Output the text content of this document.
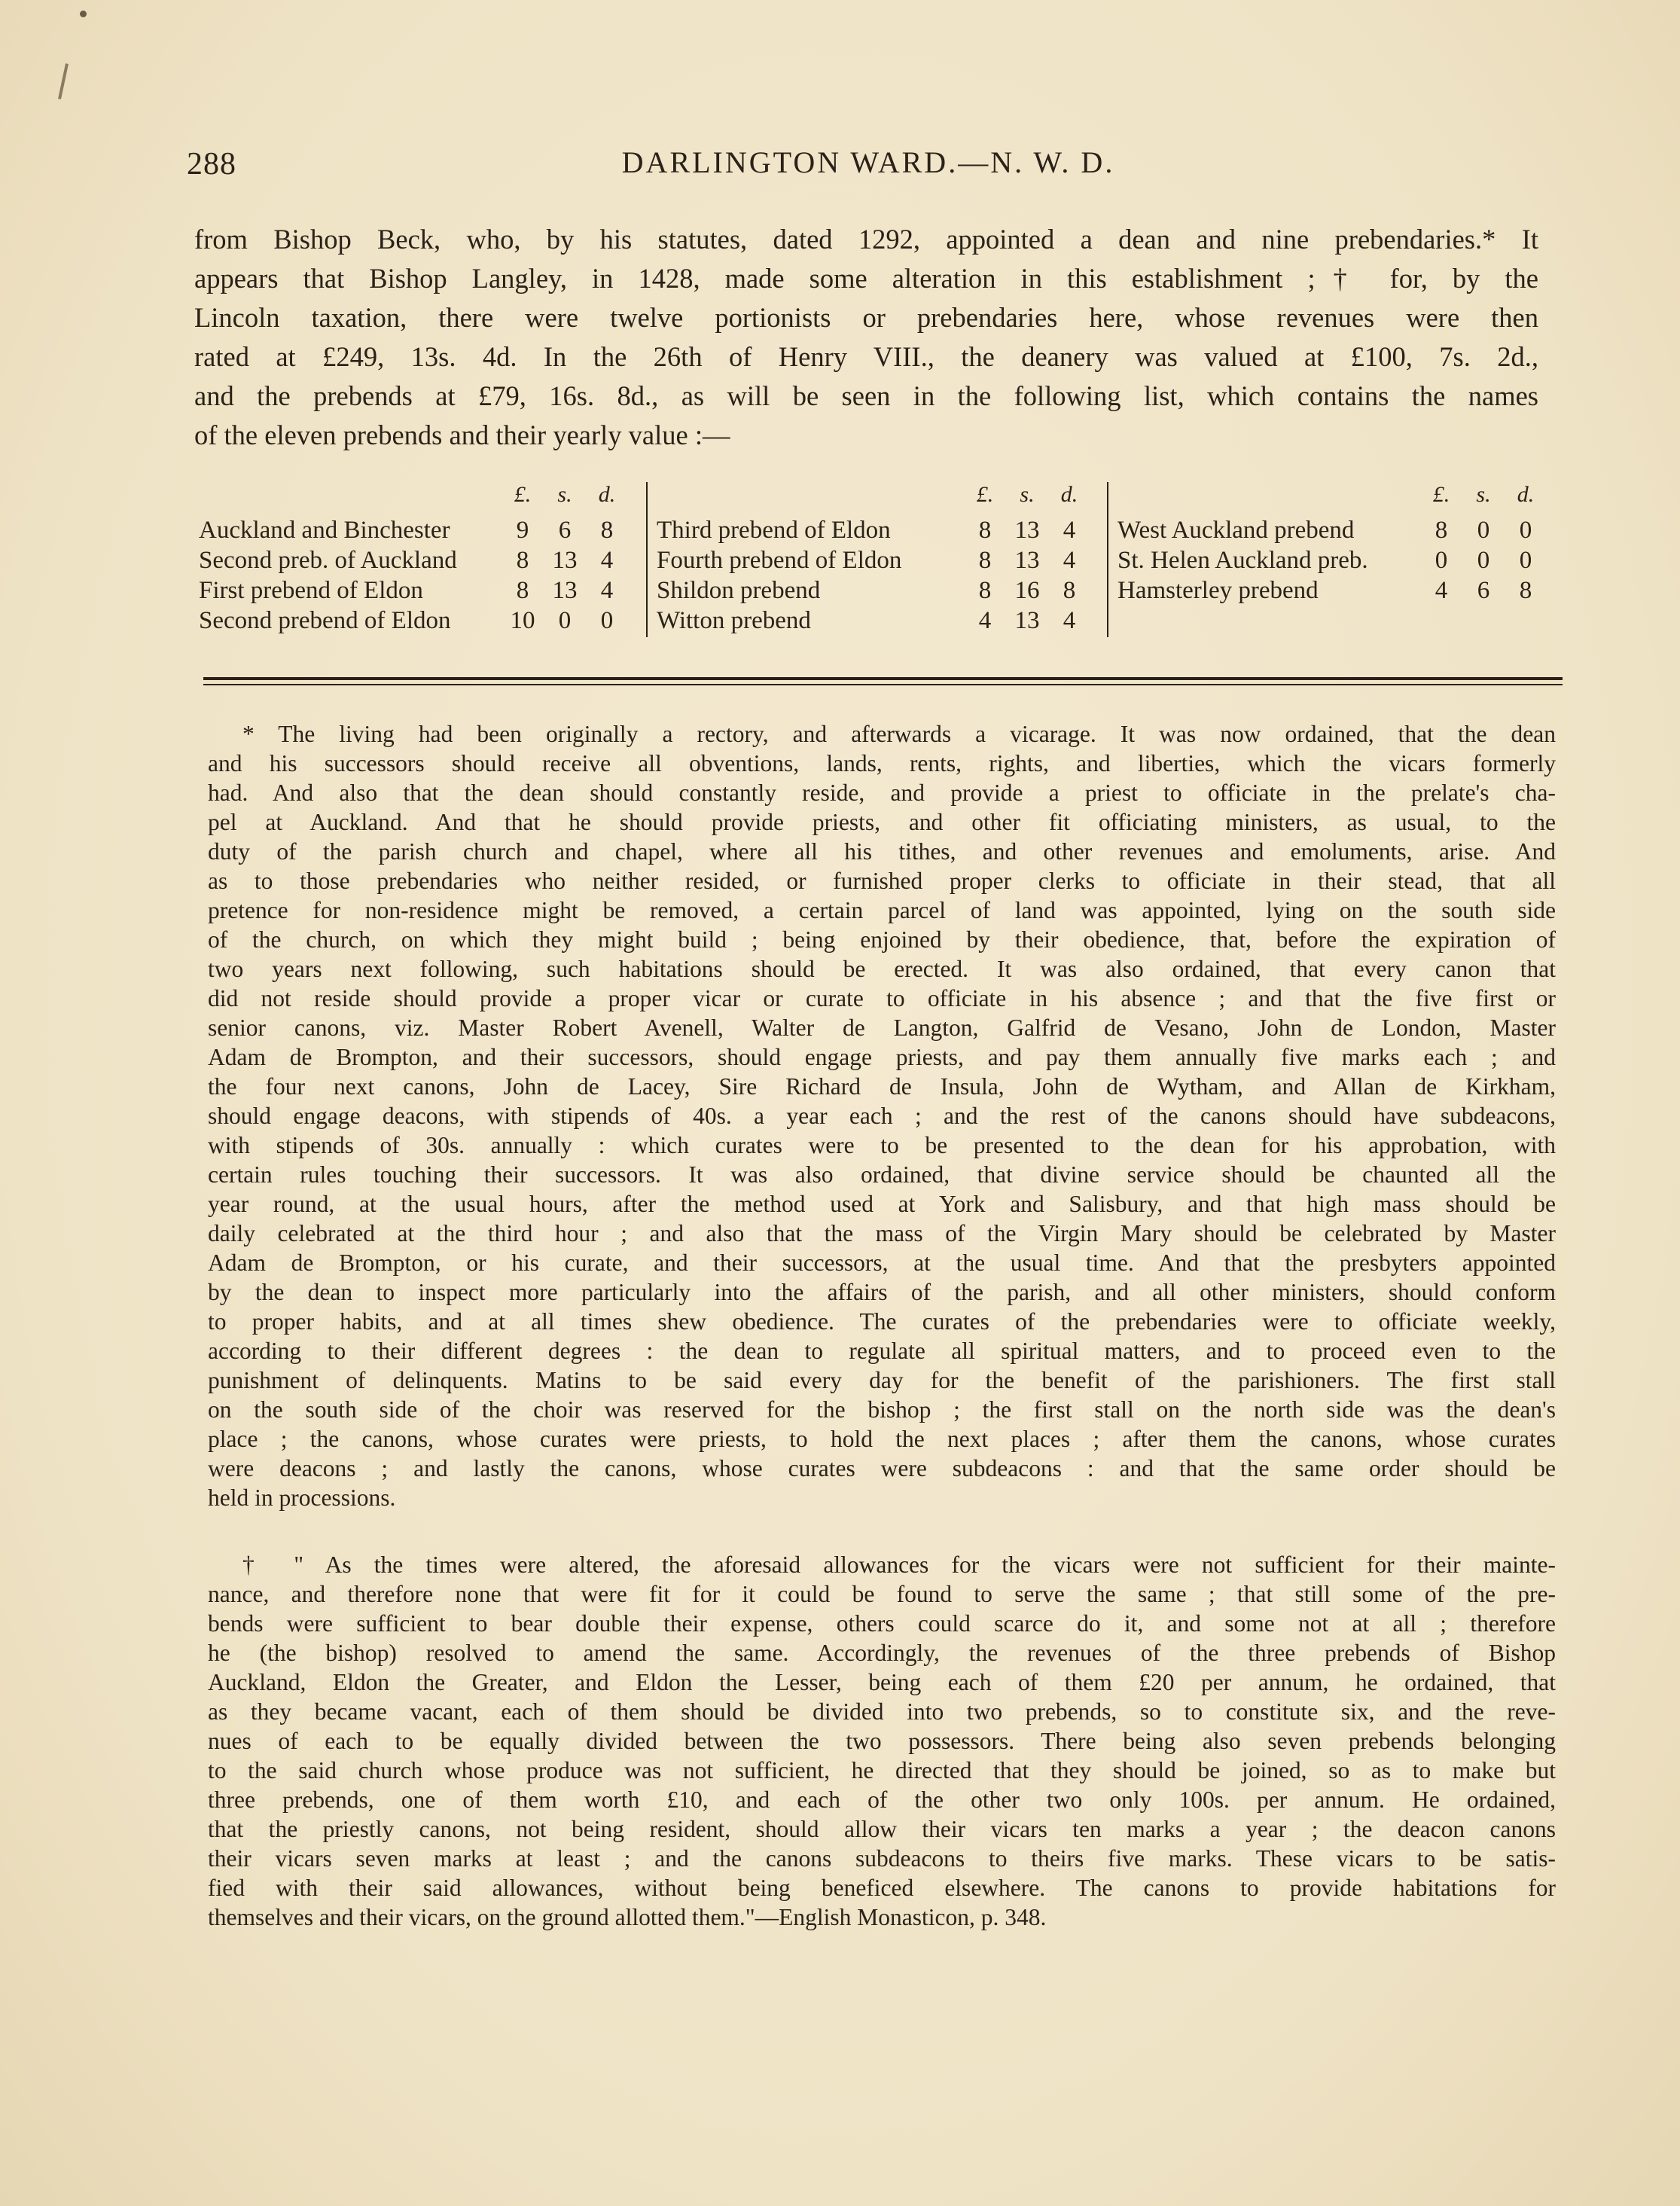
288	DARLINGTON WARD.—N. W. D.
from Bishop Beck, who, by his statutes, dated 1292, appointed a dean and nine prebendaries.* It
appears that Bishop Langley, in 1428, made some alteration in this establishment ;† for, by the
Lincoln taxation, there were twelve portionists or prebendaries here, whose revenues were then
rated at £249, 13s. 4d. In the 26th of Henry VIII., the deanery was valued at £100, 7s. 2d.,
and the prebends at £79, 16s. 8d., as will be seen in the following list, which contains the names
of the eleven prebends and their yearly value :—
£. s. d.
Auckland and Binchester	9 6 8
Second preb. of Auckland	8 13 4
First prebend of Eldon	8 13 4
Second prebend of Eldon	10 0 0
£. s. d.
Third prebend of Eldon	8 13 4
Fourth prebend of Eldon	8 13 4
Shildon prebend	8 16 8
Witton prebend	4 13 4
£. s. d.
West Auckland prebend	8 0 0
St. Helen Auckland preb.	0 0 0
Hamsterley prebend	4 6 8
* The living had been originally a rectory, and afterwards a vicarage. It was now ordained, that the dean
and his successors should receive all obventions, lands, rents, rights, and liberties, which the vicars formerly
had. And also that the dean should constantly reside, and provide a priest to officiate in the prelate's cha-
pel at Auckland. And that he should provide priests, and other fit officiating ministers, as usual, to the
duty of the parish church and chapel, where all his tithes, and other revenues and emoluments, arise. And
as to those prebendaries who neither resided, or furnished proper clerks to officiate in their stead, that all
pretence for non-residence might be removed, a certain parcel of land was appointed, lying on the south side
of the church, on which they might build ; being enjoined by their obedience, that, before the expiration of
two years next following, such habitations should be erected. It was also ordained, that every canon that
did not reside should provide a proper vicar or curate to officiate in his absence ; and that the five first or
senior canons, viz. Master Robert Avenell, Walter de Langton, Galfrid de Vesano, John de London, Master
Adam de Brompton, and their successors, should engage priests, and pay them annually five marks each ; and
the four next canons, John de Lacey, Sire Richard de Insula, John de Wytham, and Allan de Kirkham,
should engage deacons, with stipends of 40s. a year each ; and the rest of the canons should have subdeacons,
with stipends of 30s. annually : which curates were to be presented to the dean for his approbation, with
certain rules touching their successors. It was also ordained, that divine service should be chaunted all the
year round, at the usual hours, after the method used at York and Salisbury, and that high mass should be
daily celebrated at the third hour ; and also that the mass of the Virgin Mary should be celebrated by Master
Adam de Brompton, or his curate, and their successors, at the usual time. And that the presbyters appointed
by the dean to inspect more particularly into the affairs of the parish, and all other ministers, should conform
to proper habits, and at all times shew obedience. The curates of the prebendaries were to officiate weekly,
according to their different degrees : the dean to regulate all spiritual matters, and to proceed even to the
punishment of delinquents. Matins to be said every day for the benefit of the parishioners. The first stall
on the south side of the choir was reserved for the bishop ; the first stall on the north side was the dean's
place ; the canons, whose curates were priests, to hold the next places ; after them the canons, whose curates
were deacons ; and lastly the canons, whose curates were subdeacons : and that the same order should be
held in processions.
† " As the times were altered, the aforesaid allowances for the vicars were not sufficient for their mainte-
nance, and therefore none that were fit for it could be found to serve the same ; that still some of the pre-
bends were sufficient to bear double their expense, others could scarce do it, and some not at all ; therefore
he (the bishop) resolved to amend the same. Accordingly, the revenues of the three prebends of Bishop
Auckland, Eldon the Greater, and Eldon the Lesser, being each of them £20 per annum, he ordained, that
as they became vacant, each of them should be divided into two prebends, so to constitute six, and the reve-
nues of each to be equally divided between the two possessors. There being also seven prebends belonging
to the said church whose produce was not sufficient, he directed that they should be joined, so as to make but
three prebends, one of them worth £10, and each of the other two only 100s. per annum. He ordained,
that the priestly canons, not being resident, should allow their vicars ten marks a year ; the deacon canons
their vicars seven marks at least ; and the canons subdeacons to theirs five marks. These vicars to be satis-
fied with their said allowances, without being beneficed elsewhere. The canons to provide habitations for
themselves and their vicars, on the ground allotted them."—English Monasticon, p. 348.
